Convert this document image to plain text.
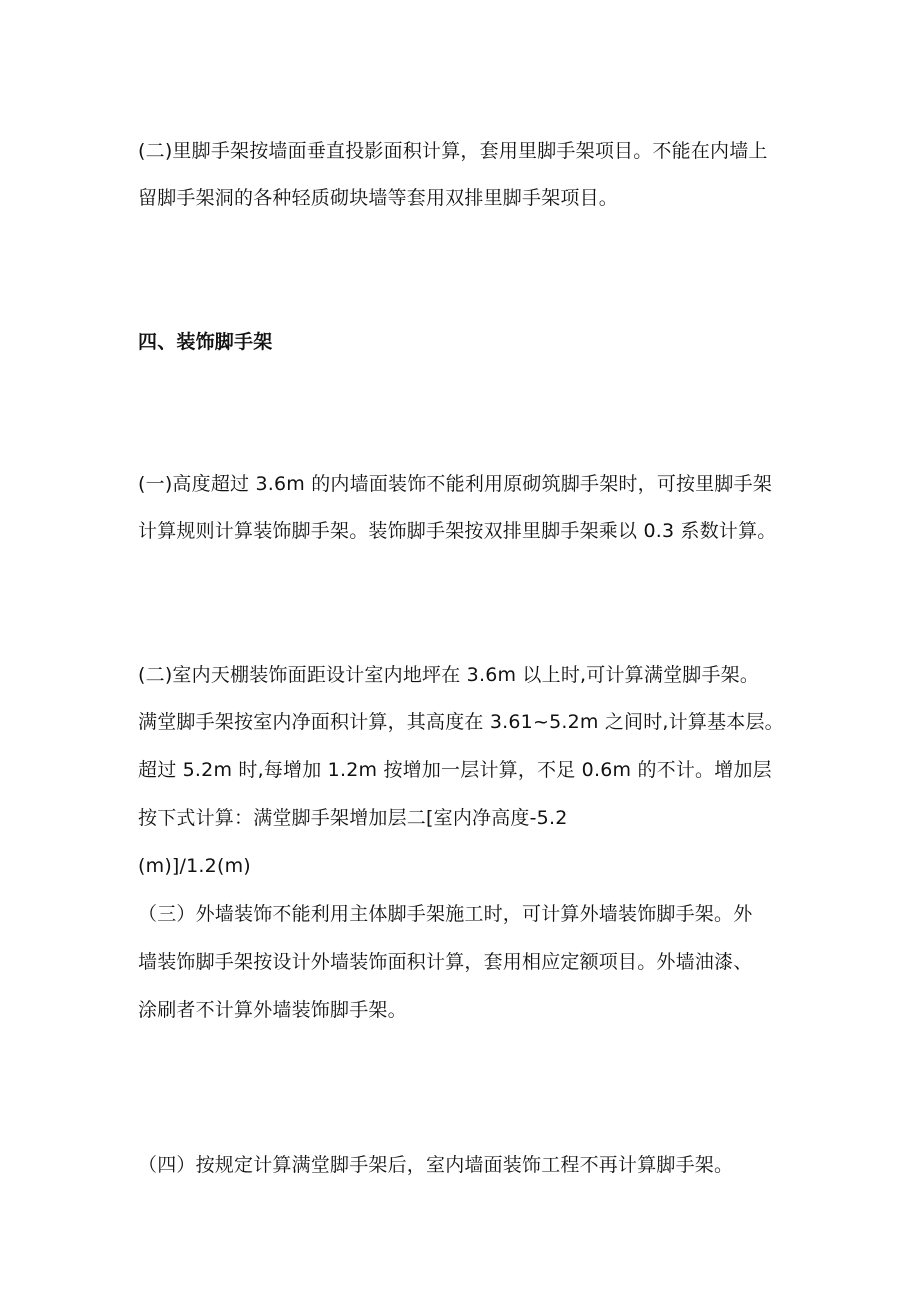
(二)里脚手架按墙面垂直投影面积计算，套用里脚手架项目。不能在内墙上
留脚手架洞的各种轻质砌块墙等套用双排里脚手架项目。
四、装饰脚手架
(一)高度超过 3.6m 的内墙面装饰不能利用原砌筑脚手架时，可按里脚手架
计算规则计算装饰脚手架。装饰脚手架按双排里脚手架乘以 0.3 系数计算。
(二)室内天棚装饰面距设计室内地坪在 3.6m 以上时,可计算满堂脚手架。
满堂脚手架按室内净面积计算，其高度在 3.61~5.2m 之间时,计算基本层。
超过 5.2m 时,每增加 1.2m 按增加一层计算，不足 0.6m 的不计。增加层
按下式计算：满堂脚手架增加层二[室内净高度-5.2
(m)]/1.2(m)
（三）外墙装饰不能利用主体脚手架施工时，可计算外墙装饰脚手架。外
墙装饰脚手架按设计外墙装饰面积计算，套用相应定额项目。外墙油漆、
涂刷者不计算外墙装饰脚手架。
（四）按规定计算满堂脚手架后，室内墙面装饰工程不再计算脚手架。
